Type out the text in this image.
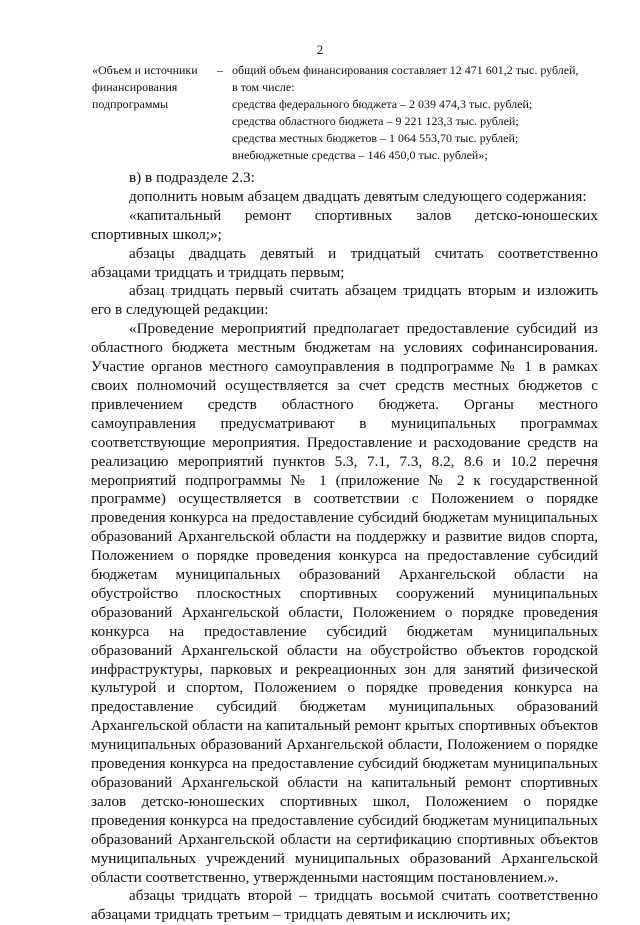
2
«Объем и источники
финансирования
подпрограммы
– общий объем финансирования составляет 12 471 601,2 тыс. рублей,
в том числе:
средства федерального бюджета – 2 039 474,3 тыс. рублей;
средства областного бюджета – 9 221 123,3 тыс. рублей;
средства местных бюджетов – 1 064 553,70 тыс. рублей;
внебюджетные средства – 146 450,0 тыс. рублей»;

в) в подразделе 2.3:

дополнить новым абзацем двадцать девятым следующего содержания:

«капитальный ремонт спортивных залов детско-юношеских спортивных школ;»;

абзацы двадцать девятый и тридцатый считать соответственно абзацами тридцать и тридцать первым;

абзац тридцать первый считать абзацем тридцать вторым и изложить его в следующей редакции:

«Проведение мероприятий предполагает предоставление субсидий из областного бюджета местным бюджетам на условиях софинансирования. Участие органов местного самоуправления в подпрограмме № 1 в рамках своих полномочий осуществляется за счет средств местных бюджетов с привлечением средств областного бюджета. Органы местного самоуправления предусматривают в муниципальных программах соответствующие мероприятия. Предоставление и расходование средств на реализацию мероприятий пунктов 5.3, 7.1, 7.3, 8.2, 8.6 и 10.2 перечня мероприятий подпрограммы № 1 (приложение № 2 к государственной программе) осуществляется в соответствии с Положением о порядке проведения конкурса на предоставление субсидий бюджетам муниципальных образований Архангельской области на поддержку и развитие видов спорта, Положением о порядке проведения конкурса на предоставление субсидий бюджетам муниципальных образований Архангельской области на обустройство плоскостных спортивных сооружений муниципальных образований Архангельской области, Положением о порядке проведения конкурса на предоставление субсидий бюджетам муниципальных образований Архангельской области на обустройство объектов городской инфраструктуры, парковых и рекреационных зон для занятий физической культурой и спортом, Положением о порядке проведения конкурса на предоставление субсидий бюджетам муниципальных образований Архангельской области на капитальный ремонт крытых спортивных объектов муниципальных образований Архангельской области, Положением о порядке проведения конкурса на предоставление субсидий бюджетам муниципальных образований Архангельской области на капитальный ремонт спортивных залов детско-юношеских спортивных школ, Положением о порядке проведения конкурса на предоставление субсидий бюджетам муниципальных образований Архангельской области на сертификацию спортивных объектов муниципальных учреждений муниципальных образований Архангельской области соответственно, утвержденными настоящим постановлением.».

абзацы тридцать второй – тридцать восьмой считать соответственно абзацами тридцать третьим – тридцать девятым и исключить их;
